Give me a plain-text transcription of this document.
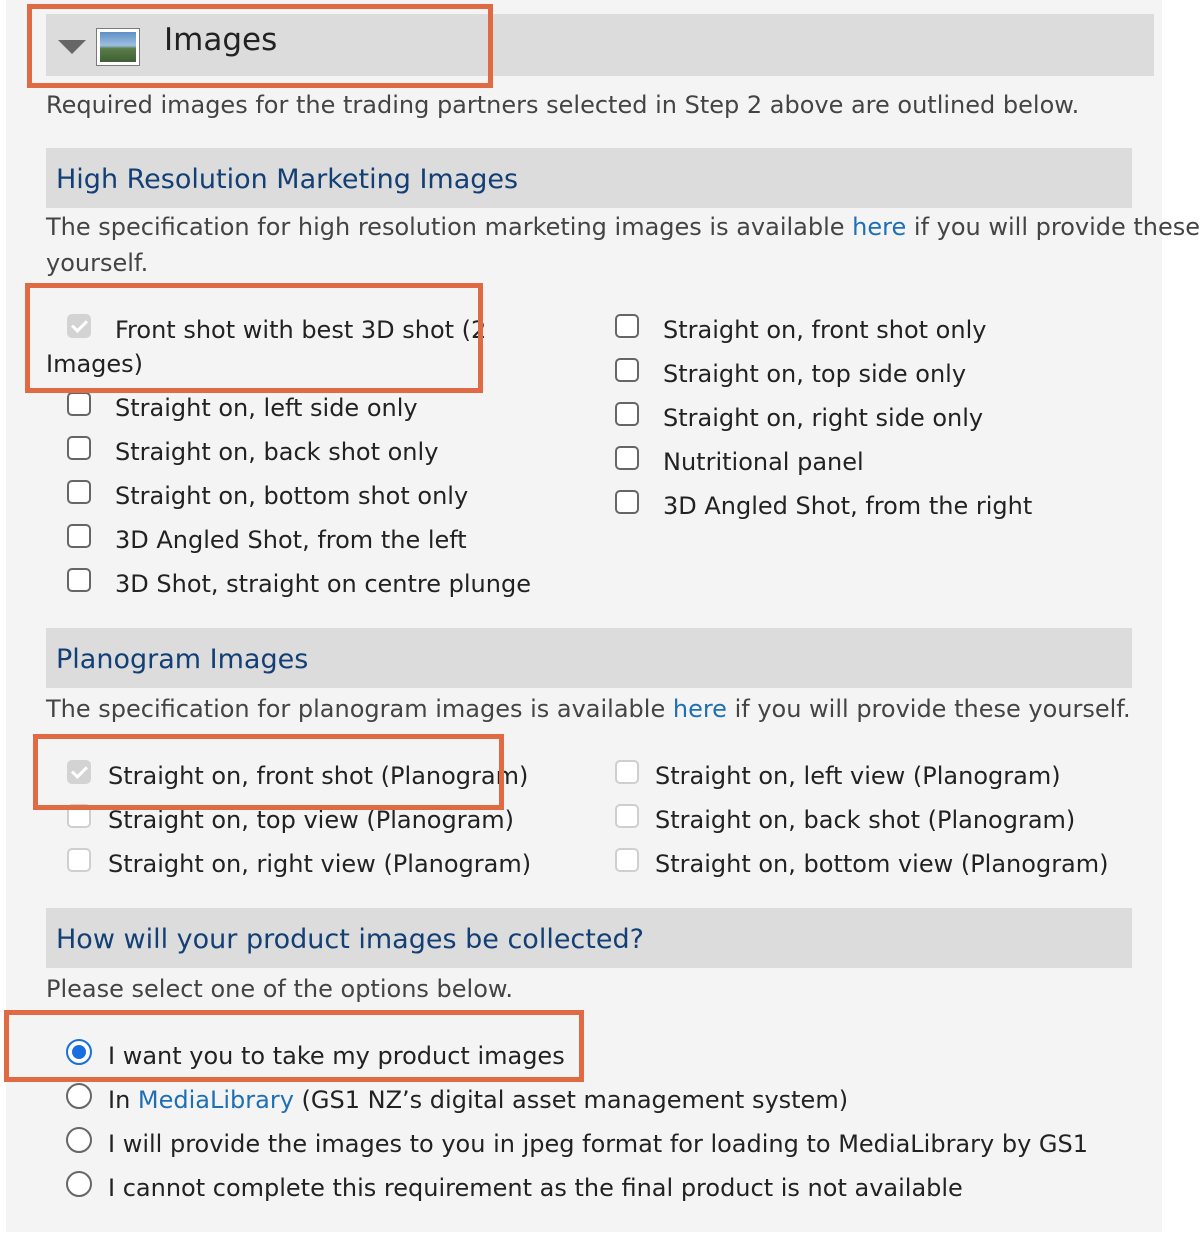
Images
Required images for the trading partners selected in Step 2 above are outlined below.
High Resolution Marketing Images
The specification for high resolution marketing images is available here if you will provide these
yourself.
Front shot with best 3D shot (2
Images)
Straight on, left side only
Straight on, back shot only
Straight on, bottom shot only
3D Angled Shot, from the left
3D Shot, straight on centre plunge
Straight on, front shot only
Straight on, top side only
Straight on, right side only
Nutritional panel
3D Angled Shot, from the right
Planogram Images
The specification for planogram images is available here if you will provide these yourself.
Straight on, front shot (Planogram)
Straight on, top view (Planogram)
Straight on, right view (Planogram)
Straight on, left view (Planogram)
Straight on, back shot (Planogram)
Straight on, bottom view (Planogram)
How will your product images be collected?
Please select one of the options below.
I want you to take my product images
In MediaLibrary (GS1 NZ’s digital asset management system)
I will provide the images to you in jpeg format for loading to MediaLibrary by GS1
I cannot complete this requirement as the final product is not available
